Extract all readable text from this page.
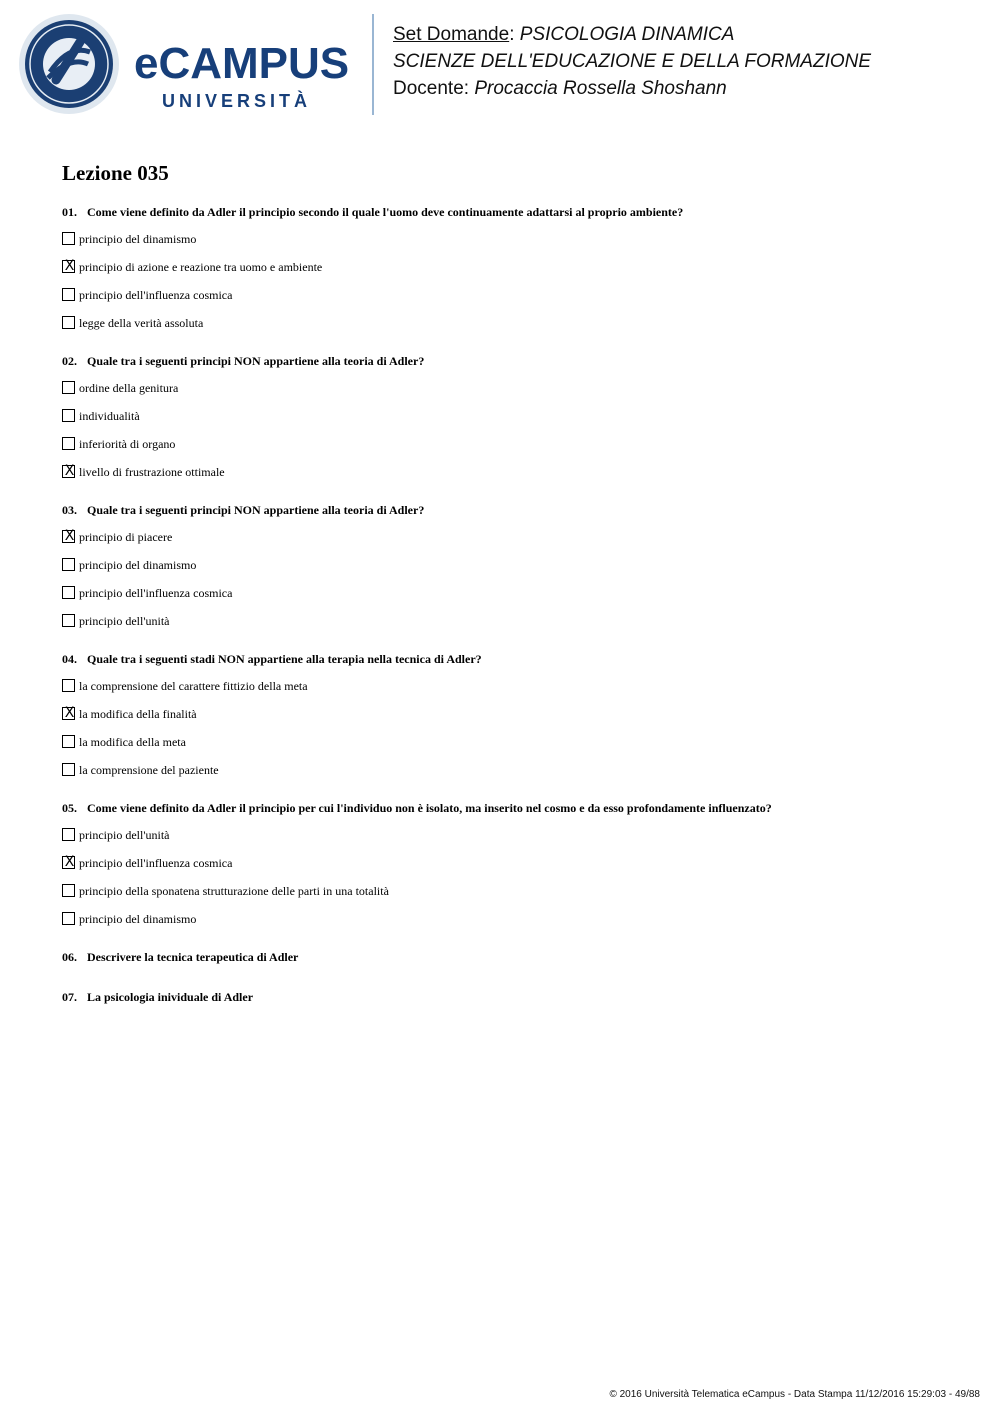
eCAMPUS
UNIVERSITÀ
Set Domande: PSICOLOGIA DINAMICA
SCIENZE DELL'EDUCAZIONE E DELLA FORMAZIONE
Docente: Procaccia Rossella Shoshann
Lezione 035
01. Come viene definito da Adler il principio secondo il quale l'uomo deve continuamente adattarsi al proprio ambiente?
principio del dinamismo
X principio di azione e reazione tra uomo e ambiente
principio dell'influenza cosmica
legge della verità assoluta
02. Quale tra i seguenti principi NON appartiene alla teoria di Adler?
ordine della genitura
individualità
inferiorità di organo
X livello di frustrazione ottimale
03. Quale tra i seguenti principi NON appartiene alla teoria di Adler?
X principio di piacere
principio del dinamismo
principio dell'influenza cosmica
principio dell'unità
04. Quale tra i seguenti stadi NON appartiene alla terapia nella tecnica di Adler?
la comprensione del carattere fittizio della meta
X la modifica della finalità
la modifica della meta
la comprensione del paziente
05. Come viene definito da Adler il principio per cui l'individuo non è isolato, ma inserito nel cosmo e da esso profondamente influenzato?
principio dell'unità
X principio dell'influenza cosmica
principio della sponatena strutturazione delle parti in una totalità
principio del dinamismo
06. Descrivere la tecnica terapeutica di Adler
07. La psicologia inividuale di Adler
© 2016 Università Telematica eCampus - Data Stampa 11/12/2016 15:29:03 - 49/88
